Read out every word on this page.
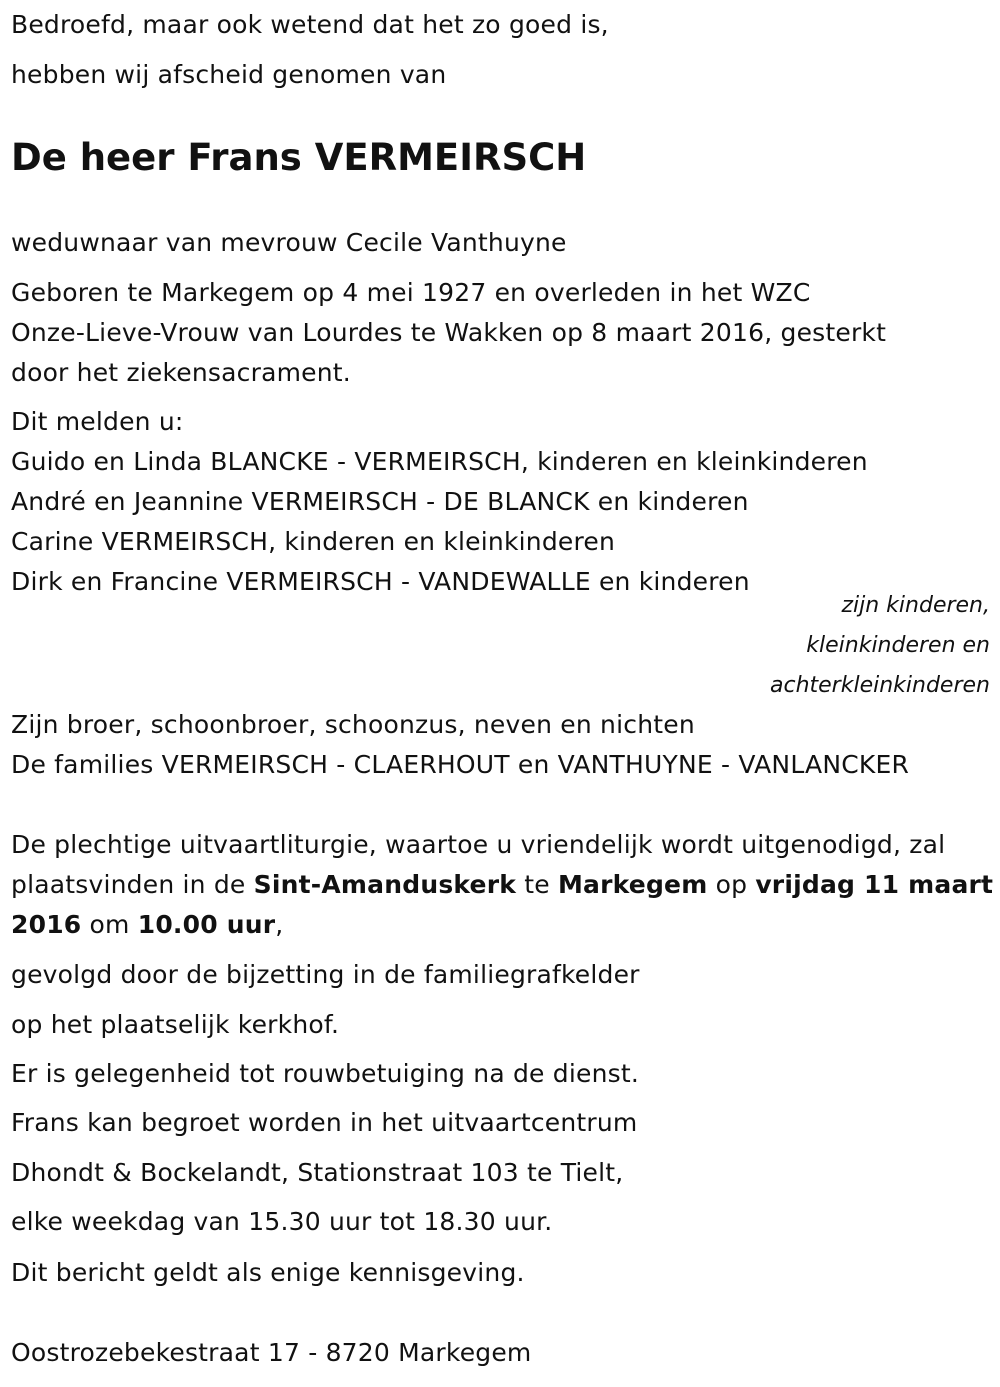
Bedroefd, maar ook wetend dat het zo goed is,
hebben wij afscheid genomen van
De heer Frans VERMEIRSCH
weduwnaar van mevrouw Cecile Vanthuyne
Geboren te Markegem op 4 mei 1927 en overleden in het WZC
Onze-Lieve-Vrouw van Lourdes te Wakken op 8 maart 2016, gesterkt
door het ziekensacrament.
Dit melden u:
Guido en Linda BLANCKE - VERMEIRSCH, kinderen en kleinkinderen
André en Jeannine VERMEIRSCH - DE BLANCK en kinderen
Carine VERMEIRSCH, kinderen en kleinkinderen
Dirk en Francine VERMEIRSCH - VANDEWALLE en kinderen
zijn kinderen,
kleinkinderen en
achterkleinkinderen
Zijn broer, schoonbroer, schoonzus, neven en nichten
De families VERMEIRSCH - CLAERHOUT en VANTHUYNE - VANLANCKER
De plechtige uitvaartliturgie, waartoe u vriendelijk wordt uitgenodigd, zal
plaatsvinden in de Sint-Amanduskerk te Markegem op vrijdag 11 maart
2016 om 10.00 uur,
gevolgd door de bijzetting in de familiegrafkelder
op het plaatselijk kerkhof.
Er is gelegenheid tot rouwbetuiging na de dienst.
Frans kan begroet worden in het uitvaartcentrum
Dhondt & Bockelandt, Stationstraat 103 te Tielt,
elke weekdag van 15.30 uur tot 18.30 uur.
Dit bericht geldt als enige kennisgeving.
Oostrozebekestraat 17 - 8720 Markegem
